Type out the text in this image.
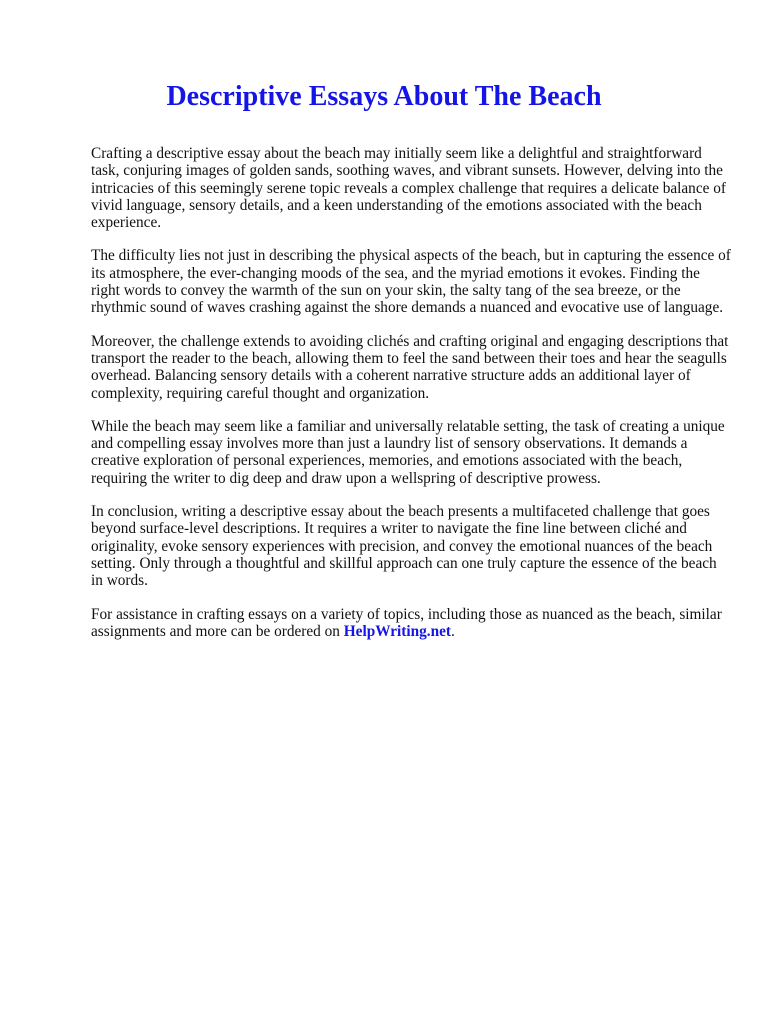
Descriptive Essays About The Beach

Crafting a descriptive essay about the beach may initially seem like a delightful and straightforward task, conjuring images of golden sands, soothing waves, and vibrant sunsets. However, delving into the intricacies of this seemingly serene topic reveals a complex challenge that requires a delicate balance of vivid language, sensory details, and a keen understanding of the emotions associated with the beach experience.

The difficulty lies not just in describing the physical aspects of the beach, but in capturing the essence of its atmosphere, the ever-changing moods of the sea, and the myriad emotions it evokes. Finding the right words to convey the warmth of the sun on your skin, the salty tang of the sea breeze, or the rhythmic sound of waves crashing against the shore demands a nuanced and evocative use of language.

Moreover, the challenge extends to avoiding clichés and crafting original and engaging descriptions that transport the reader to the beach, allowing them to feel the sand between their toes and hear the seagulls overhead. Balancing sensory details with a coherent narrative structure adds an additional layer of complexity, requiring careful thought and organization.

While the beach may seem like a familiar and universally relatable setting, the task of creating a unique and compelling essay involves more than just a laundry list of sensory observations. It demands a creative exploration of personal experiences, memories, and emotions associated with the beach, requiring the writer to dig deep and draw upon a wellspring of descriptive prowess.

In conclusion, writing a descriptive essay about the beach presents a multifaceted challenge that goes beyond surface-level descriptions. It requires a writer to navigate the fine line between cliché and originality, evoke sensory experiences with precision, and convey the emotional nuances of the beach setting. Only through a thoughtful and skillful approach can one truly capture the essence of the beach in words.

For assistance in crafting essays on a variety of topics, including those as nuanced as the beach, similar assignments and more can be ordered on HelpWriting.net.
